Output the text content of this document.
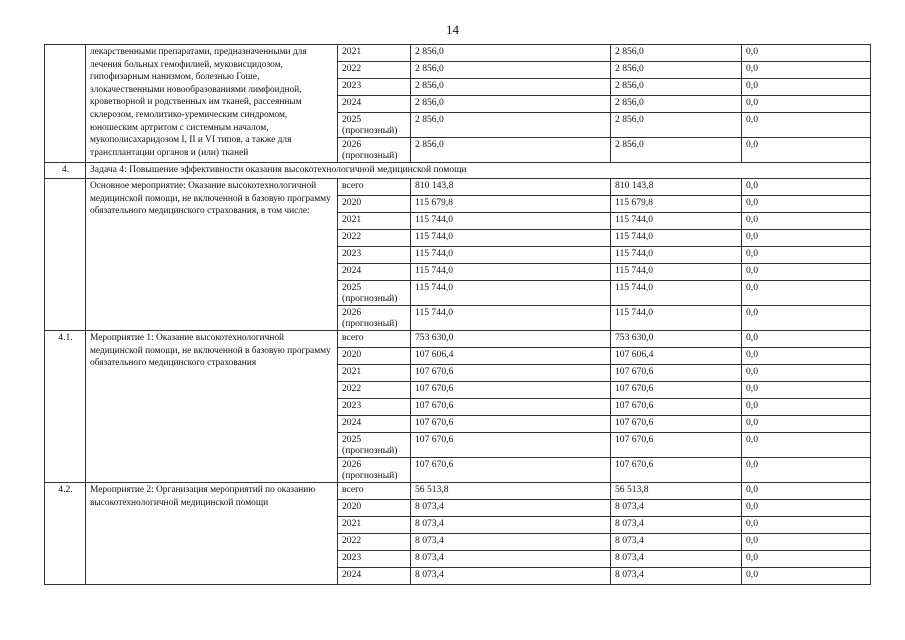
14
	лекарственными препаратами, предназначенными для лечения больных гемофилией, муковисцидозом, гипофизарным нанизмом, болезнью Гоше, злокачественными новообразованиями лимфоидной, кроветворной и родственных им тканей, рассеянным склерозом, гемолитико-уремическим синдромом, юношеским артритом с системным началом, мукополисахаридозом I, II и VI типов, а также для трансплантации органов и (или) тканей	2021	2 856,0	2 856,0	0,0
		2022	2 856,0	2 856,0	0,0
		2023	2 856,0	2 856,0	0,0
		2024	2 856,0	2 856,0	0,0
		2025 (прогнозный)	2 856,0	2 856,0	0,0
		2026 (прогнозный)	2 856,0	2 856,0	0,0
4.	Задача 4: Повышение эффективности оказания высокотехнологичной медицинской помощи				
	Основное мероприятие: Оказание высокотехнологичной медицинской помощи, не включенной в базовую программу обязательного медицинского страхования, в том числе:	всего	810 143,8	810 143,8	0,0
		2020	115 679,8	115 679,8	0,0
		2021	115 744,0	115 744,0	0,0
		2022	115 744,0	115 744,0	0,0
		2023	115 744,0	115 744,0	0,0
		2024	115 744,0	115 744,0	0,0
		2025 (прогнозный)	115 744,0	115 744,0	0,0
		2026 (прогнозный)	115 744,0	115 744,0	0,0
4.1.	Мероприятие 1: Оказание высокотехнологичной медицинской помощи, не включенной в базовую программу обязательного медицинского страхования	всего	753 630,0	753 630,0	0,0
		2020	107 606,4	107 606,4	0,0
		2021	107 670,6	107 670,6	0,0
		2022	107 670,6	107 670,6	0,0
		2023	107 670,6	107 670,6	0,0
		2024	107 670,6	107 670,6	0,0
		2025 (прогнозный)	107 670,6	107 670,6	0,0
		2026 (прогнозный)	107 670,6	107 670,6	0,0
4.2.	Мероприятие 2: Организация мероприятий по оказанию высокотехнологичной медицинской помощи	всего	56 513,8	56 513,8	0,0
		2020	8 073,4	8 073,4	0,0
		2021	8 073,4	8 073,4	0,0
		2022	8 073,4	8 073,4	0,0
		2023	8 073,4	8 073,4	0,0
		2024	8 073,4	8 073,4	0,0
